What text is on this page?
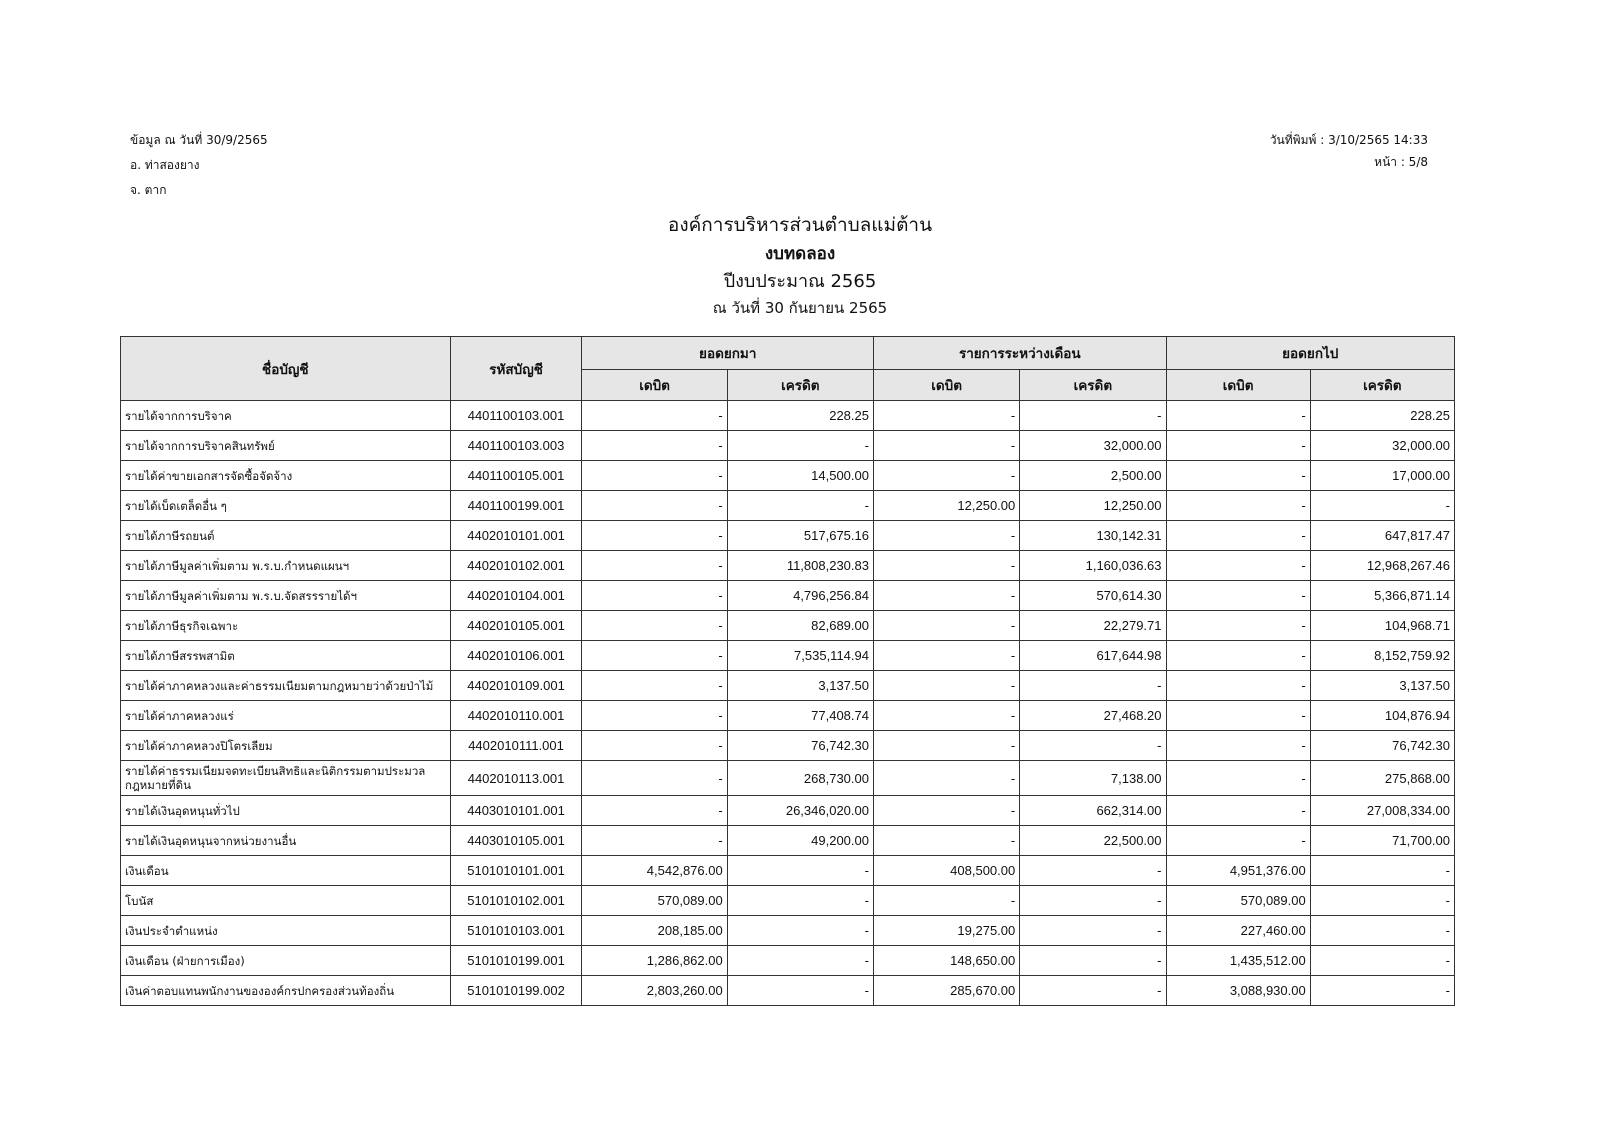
ข้อมูล ณ วันที่ 30/9/2565
อ. ท่าสองยาง
จ. ตาก
วันที่พิมพ์ : 3/10/2565 14:33
หน้า : 5/8
องค์การบริหารส่วนตำบลแม่ต้าน
งบทดลอง
ปีงบประมาณ 2565
ณ วันที่ 30 กันยายน 2565
ชื่อบัญชี	รหัสบัญชี	ยอดยกมา		รายการระหว่างเดือน		ยอดยกไป	
		เดบิต	เครดิต	เดบิต	เครดิต	เดบิต	เครดิต
รายได้จากการบริจาค	4401100103.001	-	228.25	-	-	-	228.25
รายได้จากการบริจาคสินทรัพย์	4401100103.003	-	-	-	32,000.00	-	32,000.00
รายได้ค่าขายเอกสารจัดซื้อจัดจ้าง	4401100105.001	-	14,500.00	-	2,500.00	-	17,000.00
รายได้เบ็ดเตล็ดอื่น ๆ	4401100199.001	-	-	12,250.00	12,250.00	-	-
รายได้ภาษีรถยนต์	4402010101.001	-	517,675.16	-	130,142.31	-	647,817.47
รายได้ภาษีมูลค่าเพิ่มตาม พ.ร.บ.กำหนดแผนฯ	4402010102.001	-	11,808,230.83	-	1,160,036.63	-	12,968,267.46
รายได้ภาษีมูลค่าเพิ่มตาม พ.ร.บ.จัดสรรรายได้ฯ	4402010104.001	-	4,796,256.84	-	570,614.30	-	5,366,871.14
รายได้ภาษีธุรกิจเฉพาะ	4402010105.001	-	82,689.00	-	22,279.71	-	104,968.71
รายได้ภาษีสรรพสามิต	4402010106.001	-	7,535,114.94	-	617,644.98	-	8,152,759.92
รายได้ค่าภาคหลวงและค่าธรรมเนียมตามกฎหมายว่าด้วยป่าไม้	4402010109.001	-	3,137.50	-	-	-	3,137.50
รายได้ค่าภาคหลวงแร่	4402010110.001	-	77,408.74	-	27,468.20	-	104,876.94
รายได้ค่าภาคหลวงปิโตรเลียม	4402010111.001	-	76,742.30	-	-	-	76,742.30
รายได้ค่าธรรมเนียมจดทะเบียนสิทธิและนิติกรรมตามประมวลกฎหมายที่ดิน	4402010113.001	-	268,730.00	-	7,138.00	-	275,868.00
รายได้เงินอุดหนุนทั่วไป	4403010101.001	-	26,346,020.00	-	662,314.00	-	27,008,334.00
รายได้เงินอุดหนุนจากหน่วยงานอื่น	4403010105.001	-	49,200.00	-	22,500.00	-	71,700.00
เงินเดือน	5101010101.001	4,542,876.00	-	408,500.00	-	4,951,376.00	-
โบนัส	5101010102.001	570,089.00	-	-	-	570,089.00	-
เงินประจำตำแหน่ง	5101010103.001	208,185.00	-	19,275.00	-	227,460.00	-
เงินเดือน (ฝ่ายการเมือง)	5101010199.001	1,286,862.00	-	148,650.00	-	1,435,512.00	-
เงินค่าตอบแทนพนักงานขององค์กรปกครองส่วนท้องถิ่น	5101010199.002	2,803,260.00	-	285,670.00	-	3,088,930.00	-
